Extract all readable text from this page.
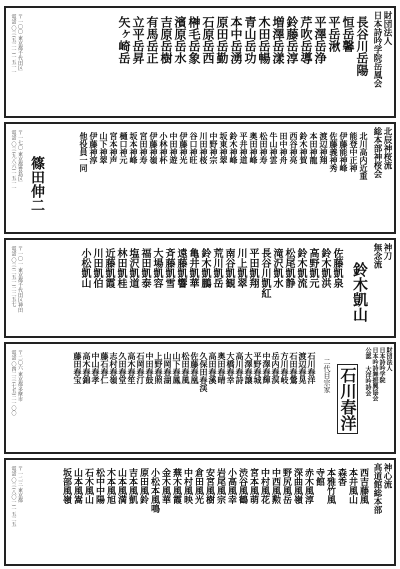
財団法人
日本詩吟学院岳風会
長谷川岳陽
恒岳馨
平岳湫
平澤岳浄
芹吹岳導
鈴藤岳淳
増澤岳漾
木田岳暢
青山岳功
本中岳湧
原田岳勤
石原岳西
榊毛岳象
濱原岳水
吉原岳樹
有馬岳正
立平岳昇
矢ヶ崎岳
〒一〇〇 東京都千代田区
電話 〇三(五二一)一五一一
北辰神桜流
総本部神桜会
北川高内近重
能登中正神
伊藤能神峰
佐藤義神秀
渡辺神翔
本田神龍
鈴木神賀
西谷神亮
田中神舟
牛山神雲
松田神寿
奥田神峰
平井神道
鈴木神峰
坂東神翠
中野神宗
川田神桜
谷口神旺
伊藤神光
中田神遊
小林神杯
伊藤神嶺
宮田神寿
坂本神峰
樋口神元
宮本神声
山下神翠
伊藤神淳
他役員一同
篠田伸二
〒一七〇 東京都豊島区
電話 〇三(九八六)一五一一
神刀
無念流
鈴木凱山
佐藤凱泉
鈴木凱洪
高野凱元
鈴木凱流
松尾凱静
滝沢凱水
長谷川凱紅
平田凱翔
川上凱翠
南谷凱観
荒川凱岳
鈴木凱鵬
亀井凱華
遠藤凱響
斉藤凱雪
大場凱容
福田凱泰
塩沢凱道
林田凱桂
近藤凱霞
川田凱伯
小松凱山
〒一〇一 東京都千代田区神田
電話 〇三(二五一)二二五七
財団法人
日本詩吟学院
日本吟詩舞振興協会
公認 大洋吟詩会
二代目宗家 石川春洋
石川春洋
渡辺春晃
石田春鶯
方川春岐
岳内春溟
中澤春輝
平野春城
大澤春譲
高川春詩
大橋春幸
奥田春晴
高田春溪
久保田春渓
佐藤春凰
松田春風
山下春鳳
山岡春湖
上野春照
中田春鼓
石岡春汀
高木春笙
久田春堂
志村春嶺
藤石春仁
中山春孝
高木春錦
藤田春宝
〒二〇六 東京都多摩市
電話 〇四二三(七五)二一〇〇
神心流
高道館総本部
西吉藤風
本井風山
森香
本雅竹風
寺館
赤木風淳
深曲風嶺
野尻風岳
中西風勲
中村風花
宮本風萌
渋谷風鶴
小高風幸
岩尾風宗
安宮風樹
倉田風光
中村風映
蕪木風霞
金木風華
小松本風鳴
原田風鈴
吉本風凱
山本風満
木本風旭
松中中陽
石木風山
山本風嵩
坂部風嶺
〒一二三 東京都
電話 〇三(八〇一)一五二五
